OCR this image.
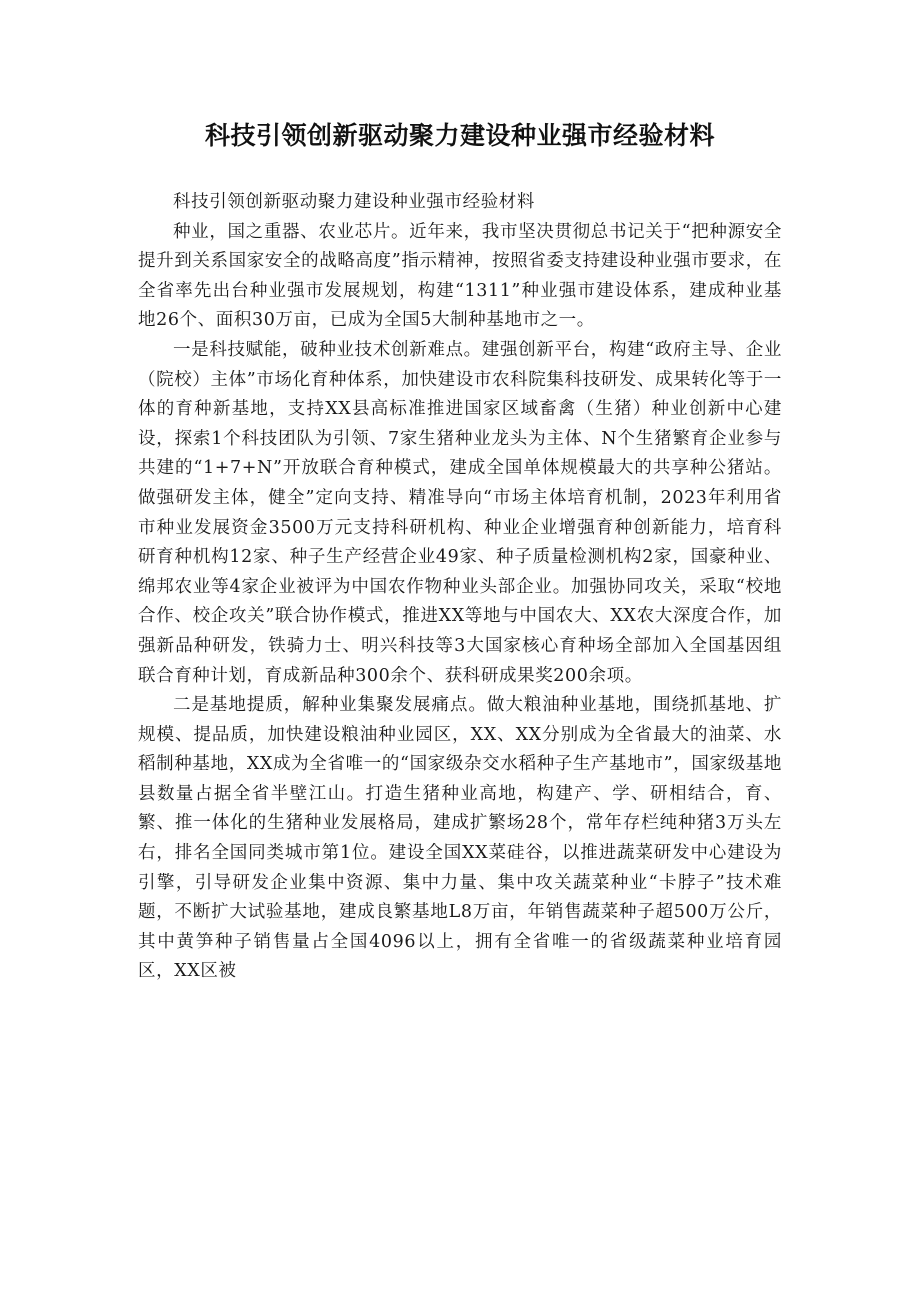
科技引领创新驱动聚力建设种业强市经验材料

科技引领创新驱动聚力建设种业强市经验材料

种业，国之重器、农业芯片。近年来，我市坚决贯彻总书记关于“把种源安全提升到关系国家安全的战略高度”指示精神，按照省委支持建设种业强市要求，在全省率先出台种业强市发展规划，构建“1311”种业强市建设体系，建成种业基地26个、面积30万亩，已成为全国5大制种基地市之一。

一是科技赋能，破种业技术创新难点。建强创新平台，构建“政府主导、企业（院校）主体”市场化育种体系，加快建设市农科院集科技研发、成果转化等于一体的育种新基地，支持XX县高标准推进国家区域畜禽（生猪）种业创新中心建设，探索1个科技团队为引领、7家生猪种业龙头为主体、N个生猪繁育企业参与共建的“1+7+N”开放联合育种模式，建成全国单体规模最大的共享种公猪站。做强研发主体，健全”定向支持、精准导向“市场主体培育机制，2023年利用省市种业发展资金3500万元支持科研机构、种业企业增强育种创新能力，培育科研育种机构12家、种子生产经营企业49家、种子质量检测机构2家，国豪种业、绵邦农业等4家企业被评为中国农作物种业头部企业。加强协同攻关，采取“校地合作、校企攻关”联合协作模式，推进XX等地与中国农大、XX农大深度合作，加强新品种研发，铁骑力士、明兴科技等3大国家核心育种场全部加入全国基因组联合育种计划，育成新品种300余个、获科研成果奖200余项。

二是基地提质，解种业集聚发展痛点。做大粮油种业基地，围绕抓基地、扩规模、提品质，加快建设粮油种业园区，XX、XX分别成为全省最大的油菜、水稻制种基地，XX成为全省唯一的“国家级杂交水稻种子生产基地市”，国家级基地县数量占据全省半壁江山。打造生猪种业高地，构建产、学、研相结合，育、繁、推一体化的生猪种业发展格局，建成扩繁场28个，常年存栏纯种猪3万头左右，排名全国同类城市第1位。建设全国XX菜硅谷，以推进蔬菜研发中心建设为引擎，引导研发企业集中资源、集中力量、集中攻关蔬菜种业“卡脖子”技术难题，不断扩大试验基地，建成良繁基地L8万亩，年销售蔬菜种子超500万公斤，其中黄笋种子销售量占全国4096以上，拥有全省唯一的省级蔬菜种业培育园区，XX区被
